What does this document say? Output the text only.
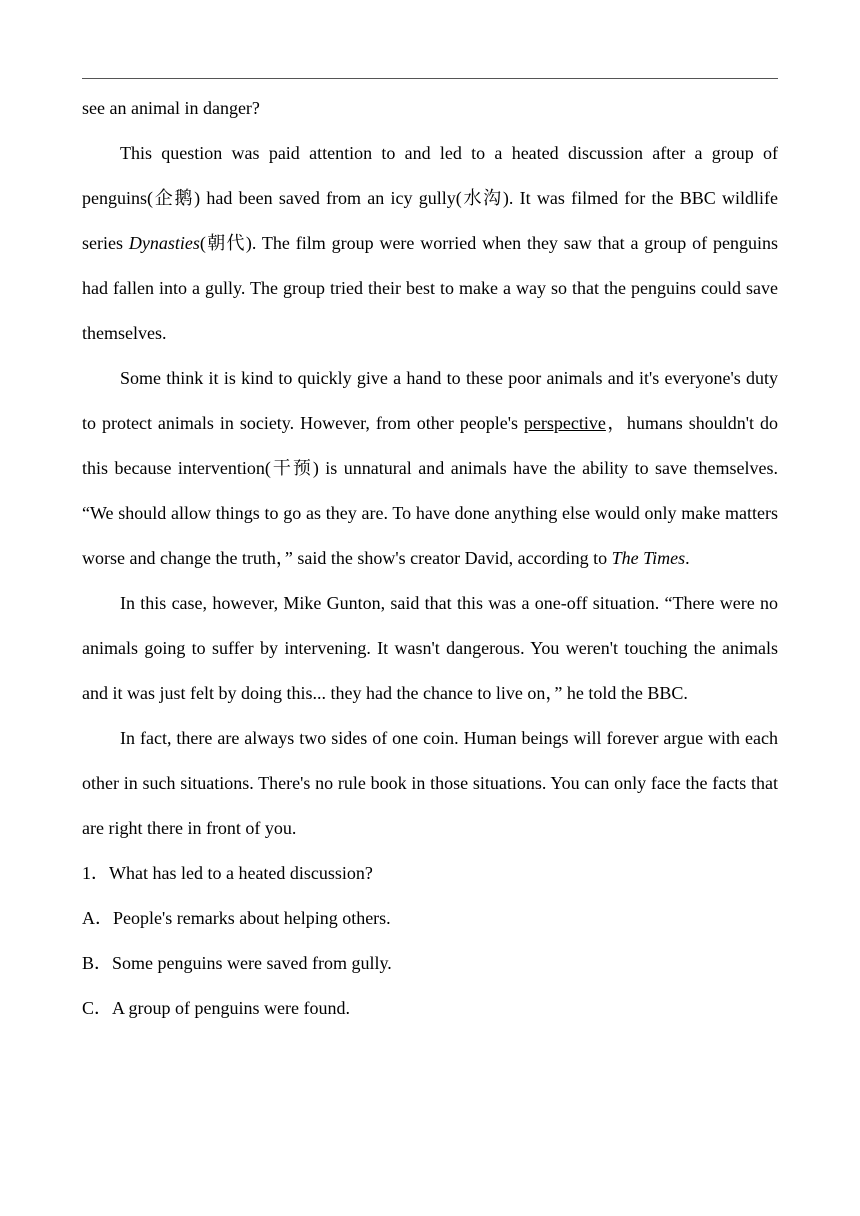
see an animal in danger?

This question was paid attention to and led to a heated discussion after a group of penguins(企鹅) had been saved from an icy gully(水沟). It was filmed for the BBC wildlife series Dynasties(朝代). The film group were worried when they saw that a group of penguins had fallen into a gully. The group tried their best to make a way so that the penguins could save themselves.

Some think it is kind to quickly give a hand to these poor animals and it's everyone's duty to protect animals in society. However, from other people's perspective，humans shouldn't do this because intervention(干预) is unnatural and animals have the ability to save themselves. “We should allow things to go as they are. To have done anything else would only make matters worse and change the truth，” said the show's creator David, according to The Times.

In this case, however, Mike Gunton, said that this was a one-off situation. “There were no animals going to suffer by intervening. It wasn't dangerous. You weren't touching the animals and it was just felt by doing this... they had the chance to live on，” he told the BBC.

In fact, there are always two sides of one coin. Human beings will forever argue with each other in such situations. There's no rule book in those situations. You can only face the facts that are right there in front of you.

1．What has led to a heated discussion?

A．People's remarks about helping others.

B．Some penguins were saved from gully.

C．A group of penguins were found.
